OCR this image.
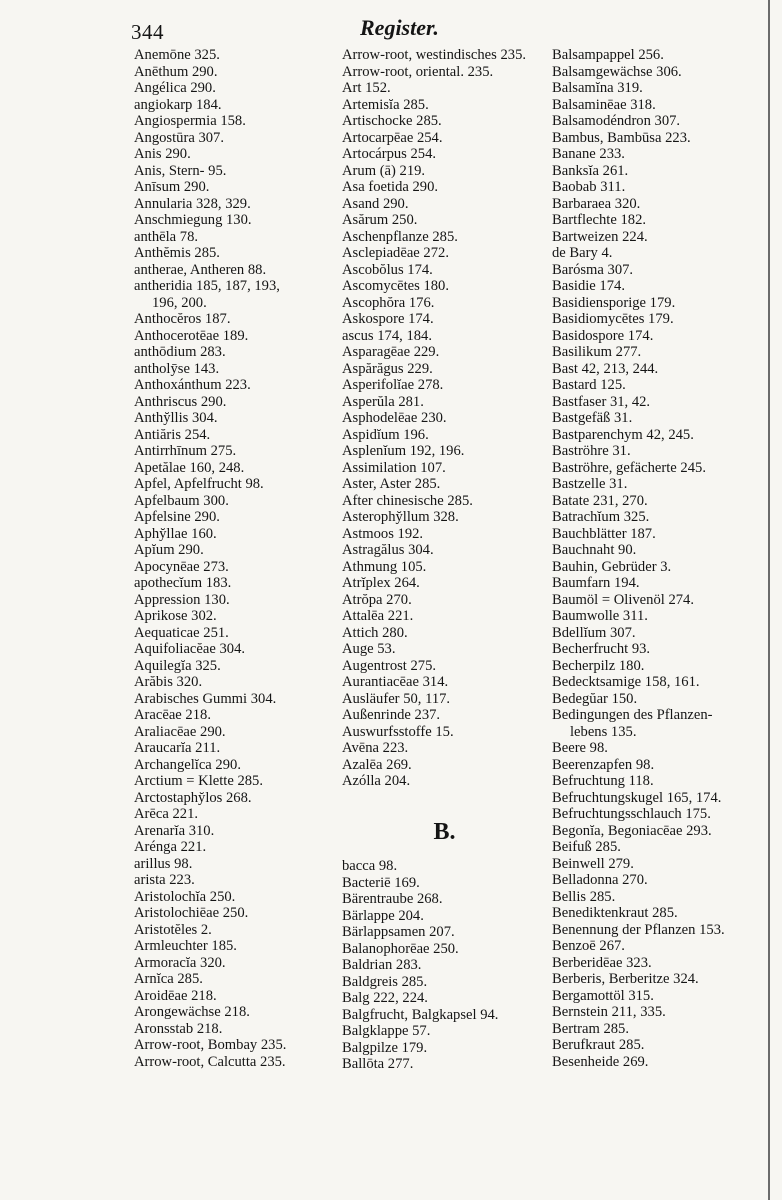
344	Register.
Anemōne 325.
Anēthum 290.
Angélica 290.
angiokarp 184.
Angiospermia 158.
Angostūra 307.
Anis 290.
Anis, Stern- 95.
Anīsum 290.
Annularia 328, 329.
Anschmiegung 130.
anthēla 78.
Anthĕmis 285.
antherae, Antheren 88.
antheridia 185, 187, 193,
196, 200.
Anthocĕros 187.
Anthocerotēae 189.
anthōdium 283.
antholȳse 143.
Anthoxánthum 223.
Anthriscus 290.
Anthy̆llis 304.
Antiăris 254.
Antirrhīnum 275.
Apetălae 160, 248.
Apfel, Apfelfrucht 98.
Apfelbaum 300.
Apfelsine 290.
Aphy̆llae 160.
Apĭum 290.
Apocynēae 273.
apothecĭum 183.
Appression 130.
Aprikose 302.
Aequaticae 251.
Aquifoliacĕae 304.
Aquilegĭa 325.
Arăbis 320.
Arabisches Gummi 304.
Aracēae 218.
Araliacēae 290.
Araucarĭa 211.
Archangelĭca 290.
Arctium = Klette 285.
Arctostaphy̆los 268.
Arēca 221.
Arenarĭa 310.
Arénga 221.
arillus 98.
arista 223.
Aristolochĭa 250.
Aristolochiēae 250.
Aristotĕles 2.
Armleuchter 185.
Armoracĭa 320.
Arnĭca 285.
Aroidēae 218.
Arongewächse 218.
Aronsstab 218.
Arrow-root, Bombay 235.
Arrow-root, Calcutta 235.
Arrow-root, westindisches 235.
Arrow-root, oriental. 235.
Art 152.
Artemisĭa 285.
Artischocke 285.
Artocarpēae 254.
Artocárpus 254.
Arum (ā) 219.
Asa foetida 290.
Asand 290.
Asărum 250.
Aschenpflanze 285.
Asclepiadēae 272.
Ascobŏlus 174.
Ascomycētes 180.
Ascophŏra 176.
Askospore 174.
ascus 174, 184.
Asparagēae 229.
Aspărăgus 229.
Asperifolĭae 278.
Asperŭla 281.
Asphodelēae 230.
Aspidĭum 196.
Asplenĭum 192, 196.
Assimilation 107.
Aster, Aster 285.
After chinesische 285.
Asterophy̆llum 328.
Astmoos 192.
Astragălus 304.
Athmung 105.
Atrĭplex 264.
Atrŏpa 270.
Attalēa 221.
Attich 280.
Auge 53.
Augentrost 275.
Aurantiacēae 314.
Ausläufer 50, 117.
Außenrinde 237.
Auswurfsstoffe 15.
Avēna 223.
Azalēa 269.
Azólla 204.
B.
bacca 98.
Bacteriē 169.
Bärentraube 268.
Bärlappe 204.
Bärlappsamen 207.
Balanophorēae 250.
Baldrian 283.
Baldgreis 285.
Balg 222, 224.
Balgfrucht, Balgkapsel 94.
Balgklappe 57.
Balgpilze 179.
Ballōta 277.
Balsampappel 256.
Balsamgewächse 306.
Balsamĭna 319.
Balsaminēae 318.
Balsamodéndron 307.
Bambus, Bambūsa 223.
Banane 233.
Banksĭa 261.
Baobab 311.
Barbaraea 320.
Bartflechte 182.
Bartweizen 224.
de Bary 4.
Barósma 307.
Basidie 174.
Basidiensporige 179.
Basidiomycētes 179.
Basidospore 174.
Basilikum 277.
Bast 42, 213, 244.
Bastard 125.
Bastfaser 31, 42.
Bastgefäß 31.
Bastparenchym 42, 245.
Baströhre 31.
Baströhre, gefächerte 245.
Bastzelle 31.
Batate 231, 270.
Batrachĭum 325.
Bauchblätter 187.
Bauchnaht 90.
Bauhin, Gebrüder 3.
Baumfarn 194.
Baumöl = Olivenöl 274.
Baumwolle 311.
Bdellĭum 307.
Becherfrucht 93.
Becherpilz 180.
Bedecktsamige 158, 161.
Bedegŭar 150.
Bedingungen des Pflanzen-
lebens 135.
Beere 98.
Beerenzapfen 98.
Befruchtung 118.
Befruchtungskugel 165, 174.
Befruchtungsschlauch 175.
Begonĭa, Begoniacēae 293.
Beifuß 285.
Beinwell 279.
Belladonna 270.
Bellis 285.
Benediktenkraut 285.
Benennung der Pflanzen 153.
Benzoē 267.
Berberidēae 323.
Berberis, Berberitze 324.
Bergamottöl 315.
Bernstein 211, 335.
Bertram 285.
Berufkraut 285.
Besenheide 269.
